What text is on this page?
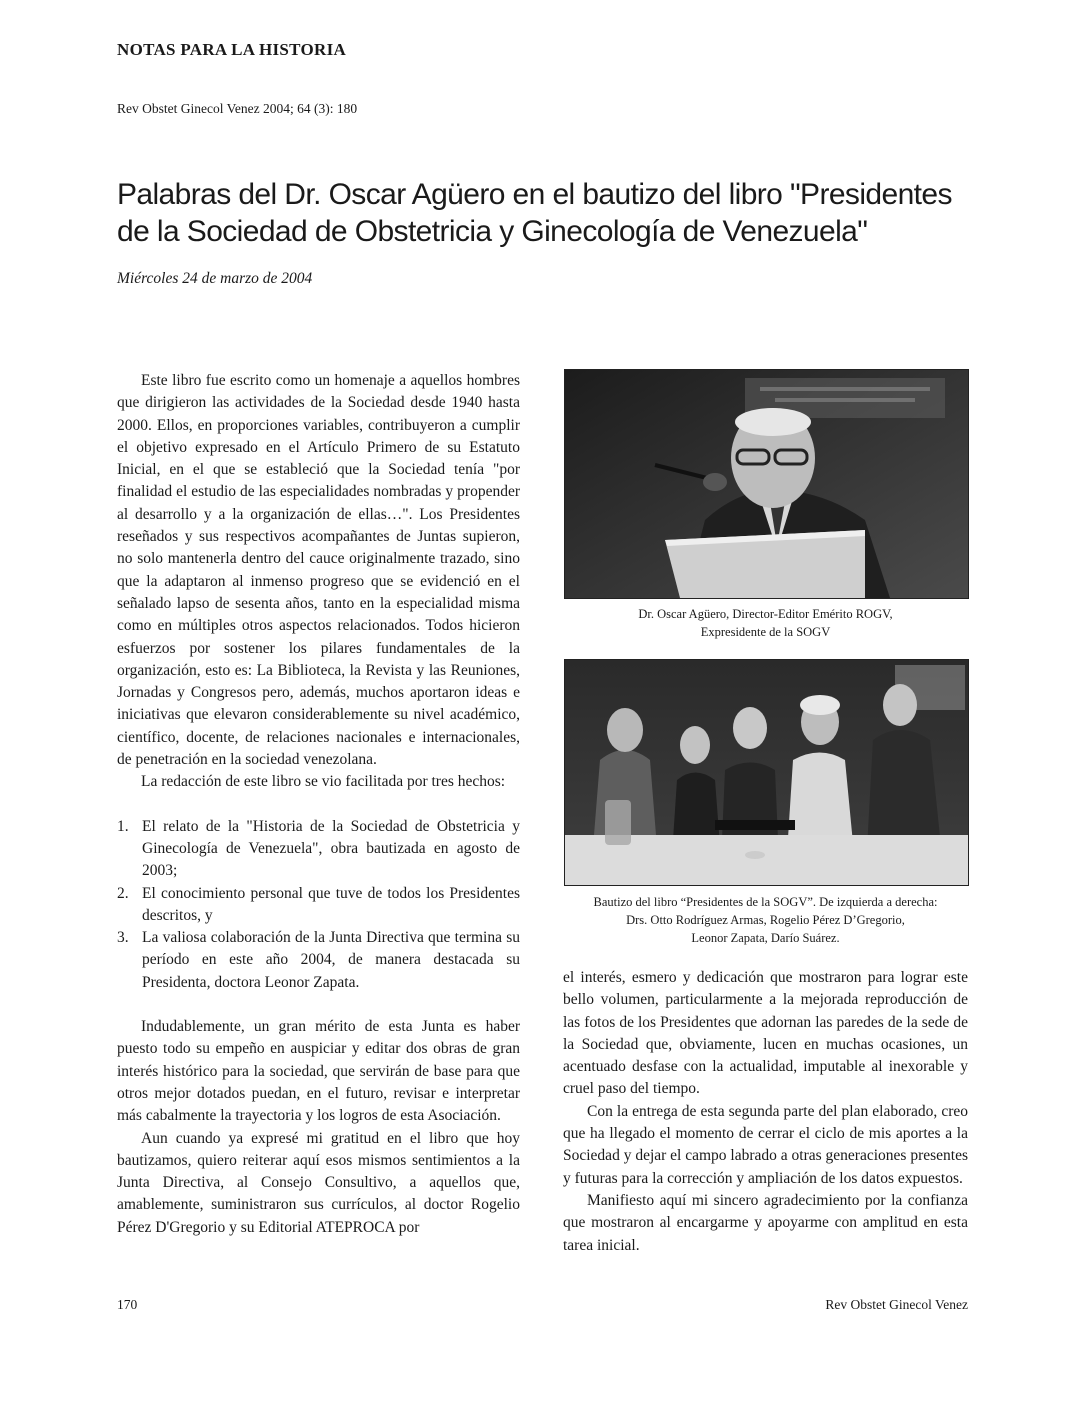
NOTAS PARA LA HISTORIA
Rev Obstet Ginecol Venez 2004; 64 (3): 180
Palabras del Dr. Oscar Agüero en el bautizo del libro "Presidentes de la Sociedad de Obstetricia y Ginecología de Venezuela"
Miércoles 24 de marzo de 2004

Este libro fue escrito como un homenaje a aquellos hombres que dirigieron las actividades de la Sociedad desde 1940 hasta 2000. Ellos, en proporciones variables, contribuyeron a cumplir el objetivo expresado en el Artículo Primero de su Estatuto Inicial, en el que se estableció que la Sociedad tenía "por finalidad el estudio de las especialidades nombradas y propender al desarrollo y a la organización de ellas…". Los Presidentes reseñados y sus respectivos acompañantes de Juntas supieron, no solo mantenerla dentro del cauce originalmente trazado, sino que la adaptaron al inmenso progreso que se evidenció en el señalado lapso de sesenta años, tanto en la especialidad misma como en múltiples otros aspectos relacionados. Todos hicieron esfuerzos por sostener los pilares fundamentales de la organización, esto es: La Biblioteca, la Revista y las Reuniones, Jornadas y Congresos pero, además, muchos aportaron ideas e iniciativas que elevaron considerablemente su nivel académico, científico, docente, de relaciones nacionales e internacionales, de penetración en la sociedad venezolana.

La redacción de este libro se vio facilitada por tres hechos:

1. El relato de la "Historia de la Sociedad de Obstetricia y Ginecología de Venezuela", obra bautizada en agosto de 2003;
2. El conocimiento personal que tuve de todos los Presidentes descritos, y
3. La valiosa colaboración de la Junta Directiva que termina su período en este año 2004, de manera destacada su Presidenta, doctora Leonor Zapata.

Indudablemente, un gran mérito de esta Junta es haber puesto todo su empeño en auspiciar y editar dos obras de gran interés histórico para la sociedad, que servirán de base para que otros mejor dotados puedan, en el futuro, revisar e interpretar más cabalmente la trayectoria y los logros de esta Asociación.

Aun cuando ya expresé mi gratitud en el libro que hoy bautizamos, quiero reiterar aquí esos mismos sentimientos a la Junta Directiva, al Consejo Consultivo, a aquellos que, amablemente, suministraron sus currículos, al doctor Rogelio Pérez D'Gregorio y su Editorial ATEPROCA por

Dr. Oscar Agüero, Director-Editor Emérito ROGV,
Expresidente de la SOGV
Bautizo del libro “Presidentes de la SOGV”. De izquierda a derecha:
Drs. Otto Rodríguez Armas, Rogelio Pérez D’Gregorio,
Leonor Zapata, Darío Suárez.

el interés, esmero y dedicación que mostraron para lograr este bello volumen, particularmente a la mejorada reproducción de las fotos de los Presidentes que adornan las paredes de la sede de la Sociedad que, obviamente, lucen en muchas ocasiones, un acentuado desfase con la actualidad, imputable al inexorable y cruel paso del tiempo.

Con la entrega de esta segunda parte del plan elaborado, creo que ha llegado el momento de cerrar el ciclo de mis aportes a la Sociedad y dejar el campo labrado a otras generaciones presentes y futuras para la corrección y ampliación de los datos expuestos.

Manifiesto aquí mi sincero agradecimiento por la confianza que mostraron al encargarme y apoyarme con amplitud en esta tarea inicial.

170	Rev Obstet Ginecol Venez
